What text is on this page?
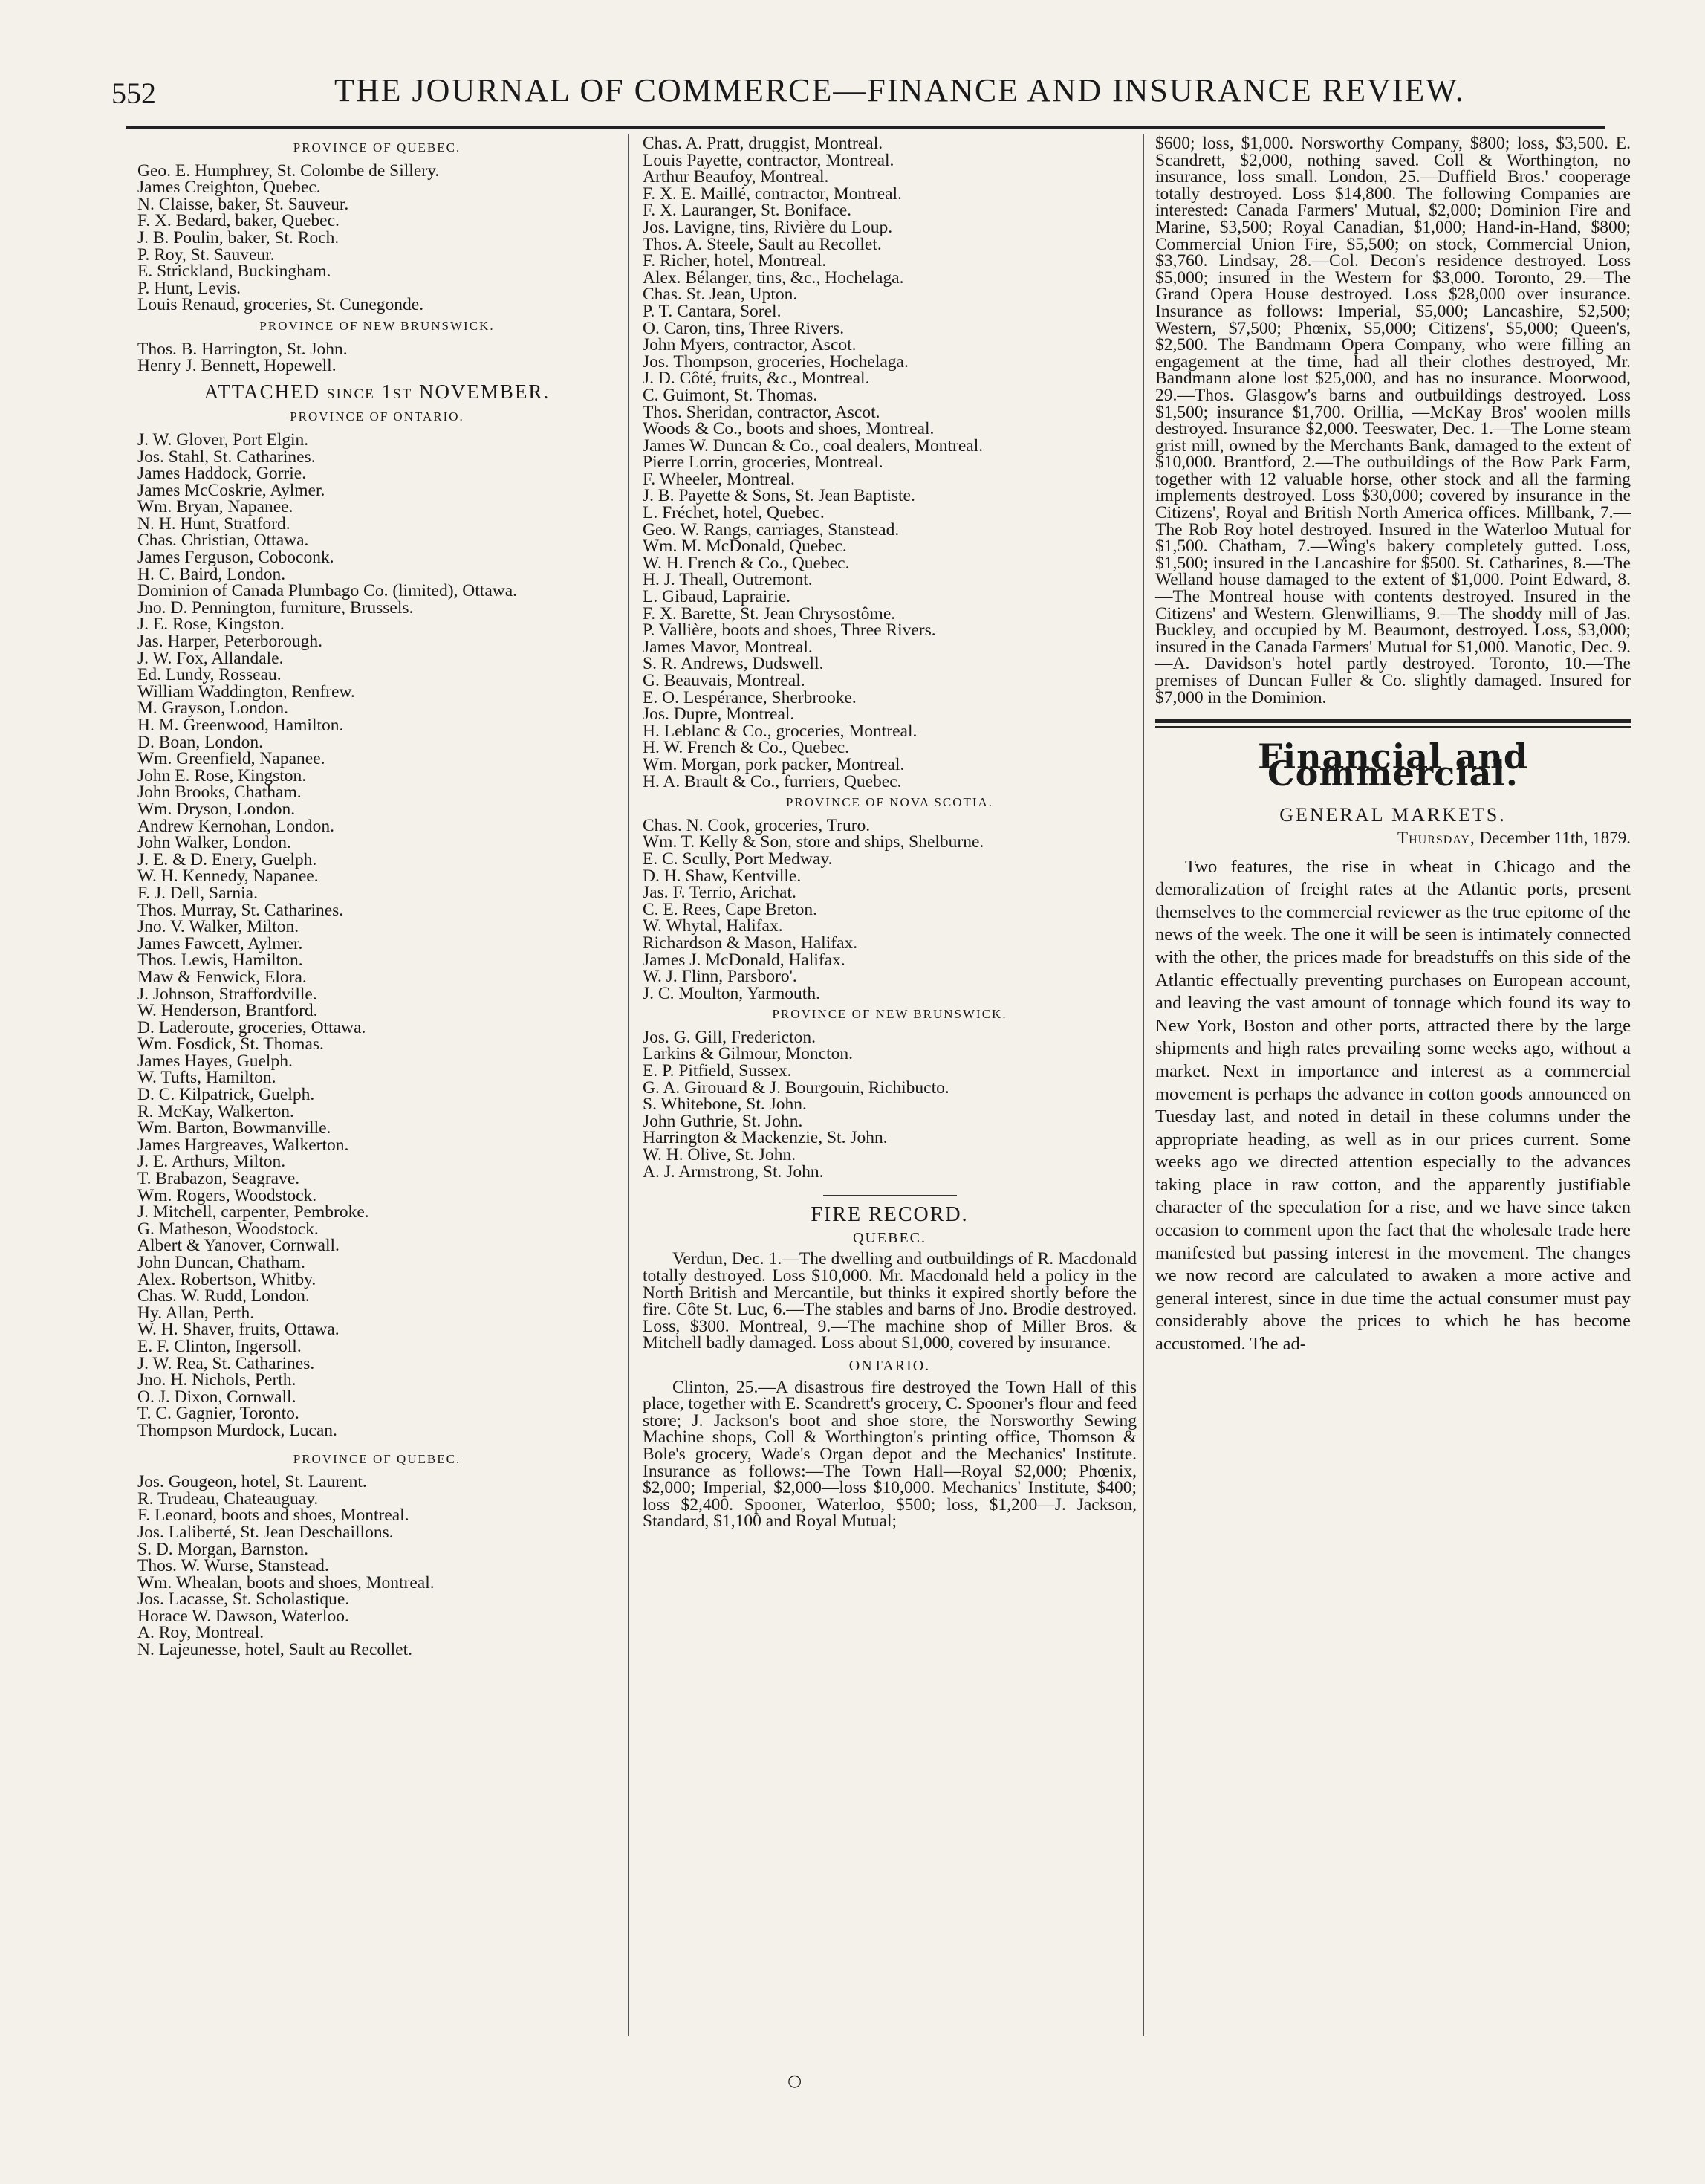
552	THE JOURNAL OF COMMERCE—FINANCE AND INSURANCE REVIEW.
PROVINCE OF QUEBEC.
Geo. E. Humphrey, St. Colombe de Sillery.
James Creighton, Quebec.
N. Claisse, baker, St. Sauveur.
F. X. Bedard, baker, Quebec.
J. B. Poulin, baker, St. Roch.
P. Roy, St. Sauveur.
E. Strickland, Buckingham.
P. Hunt, Levis.
Louis Renaud, groceries, St. Cunegonde.
PROVINCE OF NEW BRUNSWICK.
Thos. B. Harrington, St. John.
Henry J. Bennett, Hopewell.
ATTACHED since 1st NOVEMBER.
PROVINCE OF ONTARIO.
J. W. Glover, Port Elgin.
Jos. Stahl, St. Catharines.
James Haddock, Gorrie.
James McCoskrie, Aylmer.
Wm. Bryan, Napanee.
N. H. Hunt, Stratford.
Chas. Christian, Ottawa.
James Ferguson, Coboconk.
H. C. Baird, London.
Dominion of Canada Plumbago Co. (limited), Ottawa.
Jno. D. Pennington, furniture, Brussels.
J. E. Rose, Kingston.
Jas. Harper, Peterborough.
J. W. Fox, Allandale.
Ed. Lundy, Rosseau.
William Waddington, Renfrew.
M. Grayson, London.
H. M. Greenwood, Hamilton.
D. Boan, London.
Wm. Greenfield, Napanee.
John E. Rose, Kingston.
John Brooks, Chatham.
Wm. Dryson, London.
Andrew Kernohan, London.
John Walker, London.
J. E. & D. Enery, Guelph.
W. H. Kennedy, Napanee.
F. J. Dell, Sarnia.
Thos. Murray, St. Catharines.
Jno. V. Walker, Milton.
James Fawcett, Aylmer.
Thos. Lewis, Hamilton.
Maw & Fenwick, Elora.
J. Johnson, Straffordville.
W. Henderson, Brantford.
D. Laderoute, groceries, Ottawa.
Wm. Fosdick, St. Thomas.
James Hayes, Guelph.
W. Tufts, Hamilton.
D. C. Kilpatrick, Guelph.
R. McKay, Walkerton.
Wm. Barton, Bowmanville.
James Hargreaves, Walkerton.
J. E. Arthurs, Milton.
T. Brabazon, Seagrave.
Wm. Rogers, Woodstock.
J. Mitchell, carpenter, Pembroke.
G. Matheson, Woodstock.
Albert & Yanover, Cornwall.
John Duncan, Chatham.
Alex. Robertson, Whitby.
Chas. W. Rudd, London.
Hy. Allan, Perth.
W. H. Shaver, fruits, Ottawa.
E. F. Clinton, Ingersoll.
J. W. Rea, St. Catharines.
Jno. H. Nichols, Perth.
O. J. Dixon, Cornwall.
T. C. Gagnier, Toronto.
Thompson Murdock, Lucan.
PROVINCE OF QUEBEC.
Jos. Gougeon, hotel, St. Laurent.
R. Trudeau, Chateauguay.
F. Leonard, boots and shoes, Montreal.
Jos. Laliberté, St. Jean Deschaillons.
S. D. Morgan, Barnston.
Thos. W. Wurse, Stanstead.
Wm. Whealan, boots and shoes, Montreal.
Jos. Lacasse, St. Scholastique.
Horace W. Dawson, Waterloo.
A. Roy, Montreal.
N. Lajeunesse, hotel, Sault au Recollet.
Chas. A. Pratt, druggist, Montreal.
Louis Payette, contractor, Montreal.
Arthur Beaufoy, Montreal.
F. X. E. Maillé, contractor, Montreal.
F. X. Lauranger, St. Boniface.
Jos. Lavigne, tins, Rivière du Loup.
Thos. A. Steele, Sault au Recollet.
F. Richer, hotel, Montreal.
Alex. Bélanger, tins, &c., Hochelaga.
Chas. St. Jean, Upton.
P. T. Cantara, Sorel.
O. Caron, tins, Three Rivers.
John Myers, contractor, Ascot.
Jos. Thompson, groceries, Hochelaga.
J. D. Côté, fruits, &c., Montreal.
C. Guimont, St. Thomas.
Thos. Sheridan, contractor, Ascot.
Woods & Co., boots and shoes, Montreal.
James W. Duncan & Co., coal dealers, Montreal.
Pierre Lorrin, groceries, Montreal.
F. Wheeler, Montreal.
J. B. Payette & Sons, St. Jean Baptiste.
L. Fréchet, hotel, Quebec.
Geo. W. Rangs, carriages, Stanstead.
Wm. M. McDonald, Quebec.
W. H. French & Co., Quebec.
H. J. Theall, Outremont.
L. Gibaud, Laprairie.
F. X. Barette, St. Jean Chrysostôme.
P. Vallière, boots and shoes, Three Rivers.
James Mavor, Montreal.
S. R. Andrews, Dudswell.
G. Beauvais, Montreal.
E. O. Lespérance, Sherbrooke.
Jos. Dupre, Montreal.
H. Leblanc & Co., groceries, Montreal.
H. W. French & Co., Quebec.
Wm. Morgan, pork packer, Montreal.
H. A. Brault & Co., furriers, Quebec.
PROVINCE OF NOVA SCOTIA.
Chas. N. Cook, groceries, Truro.
Wm. T. Kelly & Son, store and ships, Shelburne.
E. C. Scully, Port Medway.
D. H. Shaw, Kentville.
Jas. F. Terrio, Arichat.
C. E. Rees, Cape Breton.
W. Whytal, Halifax.
Richardson & Mason, Halifax.
James J. McDonald, Halifax.
W. J. Flinn, Parsboro'.
J. C. Moulton, Yarmouth.
PROVINCE OF NEW BRUNSWICK.
Jos. G. Gill, Fredericton.
Larkins & Gilmour, Moncton.
E. P. Pitfield, Sussex.
G. A. Girouard & J. Bourgouin, Richibucto.
S. Whitebone, St. John.
John Guthrie, St. John.
Harrington & Mackenzie, St. John.
W. H. Olive, St. John.
A. J. Armstrong, St. John.
FIRE RECORD.
QUEBEC.

Verdun, Dec. 1.—The dwelling and outbuildings of R. Macdonald totally destroyed. Loss $10,000. Mr. Macdonald held a policy in the North British and Mercantile, but thinks it expired shortly before the fire. Côte St. Luc, 6.—The stables and barns of Jno. Brodie destroyed. Loss, $300. Montreal, 9.—The machine shop of Miller Bros. & Mitchell badly damaged. Loss about $1,000, covered by insurance.

ONTARIO.

Clinton, 25.—A disastrous fire destroyed the Town Hall of this place, together with E. Scandrett's grocery, C. Spooner's flour and feed store; J. Jackson's boot and shoe store, the Norsworthy Sewing Machine shops, Coll & Worthington's printing office, Thomson & Bole's grocery, Wade's Organ depot and the Mechanics' Institute. Insurance as follows:—The Town Hall—Royal $2,000; Phœnix, $2,000; Imperial, $2,000—loss $10,000. Mechanics' Institute, $400; loss $2,400. Spooner, Waterloo, $500; loss, $1,200—J. Jackson, Standard, $1,100 and Royal Mutual;

$600; loss, $1,000. Norsworthy Company, $800; loss, $3,500. E. Scandrett, $2,000, nothing saved. Coll & Worthington, no insurance, loss small. London, 25.—Duffield Bros.' cooperage totally destroyed. Loss $14,800. The following Companies are interested: Canada Farmers' Mutual, $2,000; Dominion Fire and Marine, $3,500; Royal Canadian, $1,000; Hand-in-Hand, $800; Commercial Union Fire, $5,500; on stock, Commercial Union, $3,760. Lindsay, 28.—Col. Decon's residence destroyed. Loss $5,000; insured in the Western for $3,000. Toronto, 29.—The Grand Opera House destroyed. Loss $28,000 over insurance. Insurance as follows: Imperial, $5,000; Lancashire, $2,500; Western, $7,500; Phœnix, $5,000; Citizens', $5,000; Queen's, $2,500. The Bandmann Opera Company, who were filling an engagement at the time, had all their clothes destroyed, Mr. Bandmann alone lost $25,000, and has no insurance. Moorwood, 29.—Thos. Glasgow's barns and outbuildings destroyed. Loss $1,500; insurance $1,700. Orillia, —McKay Bros' woolen mills destroyed. Insurance $2,000. Teeswater, Dec. 1.—The Lorne steam grist mill, owned by the Merchants Bank, damaged to the extent of $10,000. Brantford, 2.—The outbuildings of the Bow Park Farm, together with 12 valuable horse, other stock and all the farming implements destroyed. Loss $30,000; covered by insurance in the Citizens', Royal and British North America offices. Millbank, 7.—The Rob Roy hotel destroyed. Insured in the Waterloo Mutual for $1,500. Chatham, 7.—Wing's bakery completely gutted. Loss, $1,500; insured in the Lancashire for $500. St. Catharines, 8.—The Welland house damaged to the extent of $1,000. Point Edward, 8.—The Montreal house with contents destroyed. Insured in the Citizens' and Western. Glenwilliams, 9.—The shoddy mill of Jas. Buckley, and occupied by M. Beaumont, destroyed. Loss, $3,000; insured in the Canada Farmers' Mutual for $1,000. Manotic, Dec. 9.—A. Davidson's hotel partly destroyed. Toronto, 10.—The premises of Duncan Fuller & Co. slightly damaged. Insured for $7,000 in the Dominion.

Financial and Commercial.
GENERAL MARKETS.
Thursday, December 11th, 1879.

Two features, the rise in wheat in Chicago and the demoralization of freight rates at the Atlantic ports, present themselves to the commercial reviewer as the true epitome of the news of the week. The one it will be seen is intimately connected with the other, the prices made for breadstuffs on this side of the Atlantic effectually preventing purchases on European account, and leaving the vast amount of tonnage which found its way to New York, Boston and other ports, attracted there by the large shipments and high rates prevailing some weeks ago, without a market. Next in importance and interest as a commercial movement is perhaps the advance in cotton goods announced on Tuesday last, and noted in detail in these columns under the appropriate heading, as well as in our prices current. Some weeks ago we directed attention especially to the advances taking place in raw cotton, and the apparently justifiable character of the speculation for a rise, and we have since taken occasion to comment upon the fact that the wholesale trade here manifested but passing interest in the movement. The changes we now record are calculated to awaken a more active and general interest, since in due time the actual consumer must pay considerably above the prices to which he has become accustomed. The ad-

○
